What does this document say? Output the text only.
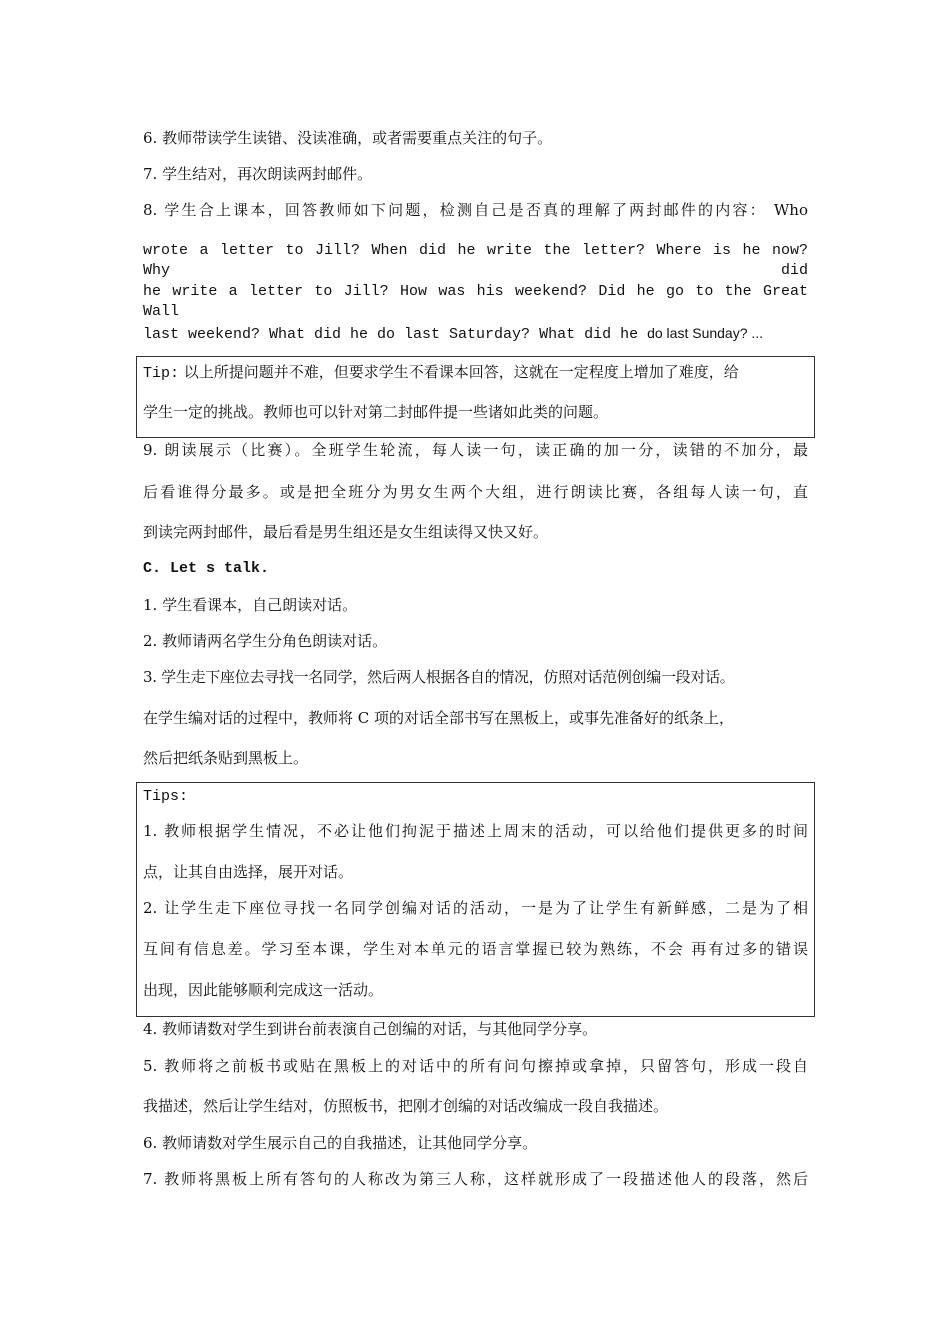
6. 教师带读学生读错、没读准确，或者需要重点关注的句子。
7. 学生结对，再次朗读两封邮件。
8. 学生合上课本，回答教师如下问题，检测自己是否真的理解了两封邮件的内容： Who
wrote a letter to Jill? When did he write the letter? Where is he now? Why did
he write a letter to Jill? How was his weekend? Did he go to the Great Wall
last weekend? What did he do last Saturday? What did he do last Sunday? ...
Tip: 以上所提问题并不难，但要求学生不看课本回答，这就在一定程度上增加了难度，给
学生一定的挑战。教师也可以针对第二封邮件提一些诸如此类的问题。
9. 朗读展示（比赛）。全班学生轮流，每人读一句，读正确的加一分，读错的不加分，最
后看谁得分最多。或是把全班分为男女生两个大组，进行朗读比赛，各组每人读一句，直
到读完两封邮件，最后看是男生组还是女生组读得又快又好。
C. Let s talk.
1. 学生看课本，自己朗读对话。
2. 教师请两名学生分角色朗读对话。
3. 学生走下座位去寻找一名同学，然后两人根据各自的情况，仿照对话范例创编一段对话。
在学生编对话的过程中，教师将 C 项的对话全部书写在黑板上，或事先准备好的纸条上，
然后把纸条贴到黑板上。
Tips:
1. 教师根据学生情况，不必让他们拘泥于描述上周末的活动，可以给他们提供更多的时间
点，让其自由选择，展开对话。
2. 让学生走下座位寻找一名同学创编对话的活动，一是为了让学生有新鲜感，二是为了相
互间有信息差。学习至本课，学生对本单元的语言掌握已较为熟练，不会 再有过多的错误
出现，因此能够顺利完成这一活动。
4. 教师请数对学生到讲台前表演自己创编的对话，与其他同学分享。
5. 教师将之前板书或贴在黑板上的对话中的所有问句擦掉或拿掉，只留答句，形成一段自
我描述，然后让学生结对，仿照板书，把刚才创编的对话改编成一段自我描述。
6. 教师请数对学生展示自己的自我描述，让其他同学分享。
7. 教师将黑板上所有答句的人称改为第三人称，这样就形成了一段描述他人的段落，然后
